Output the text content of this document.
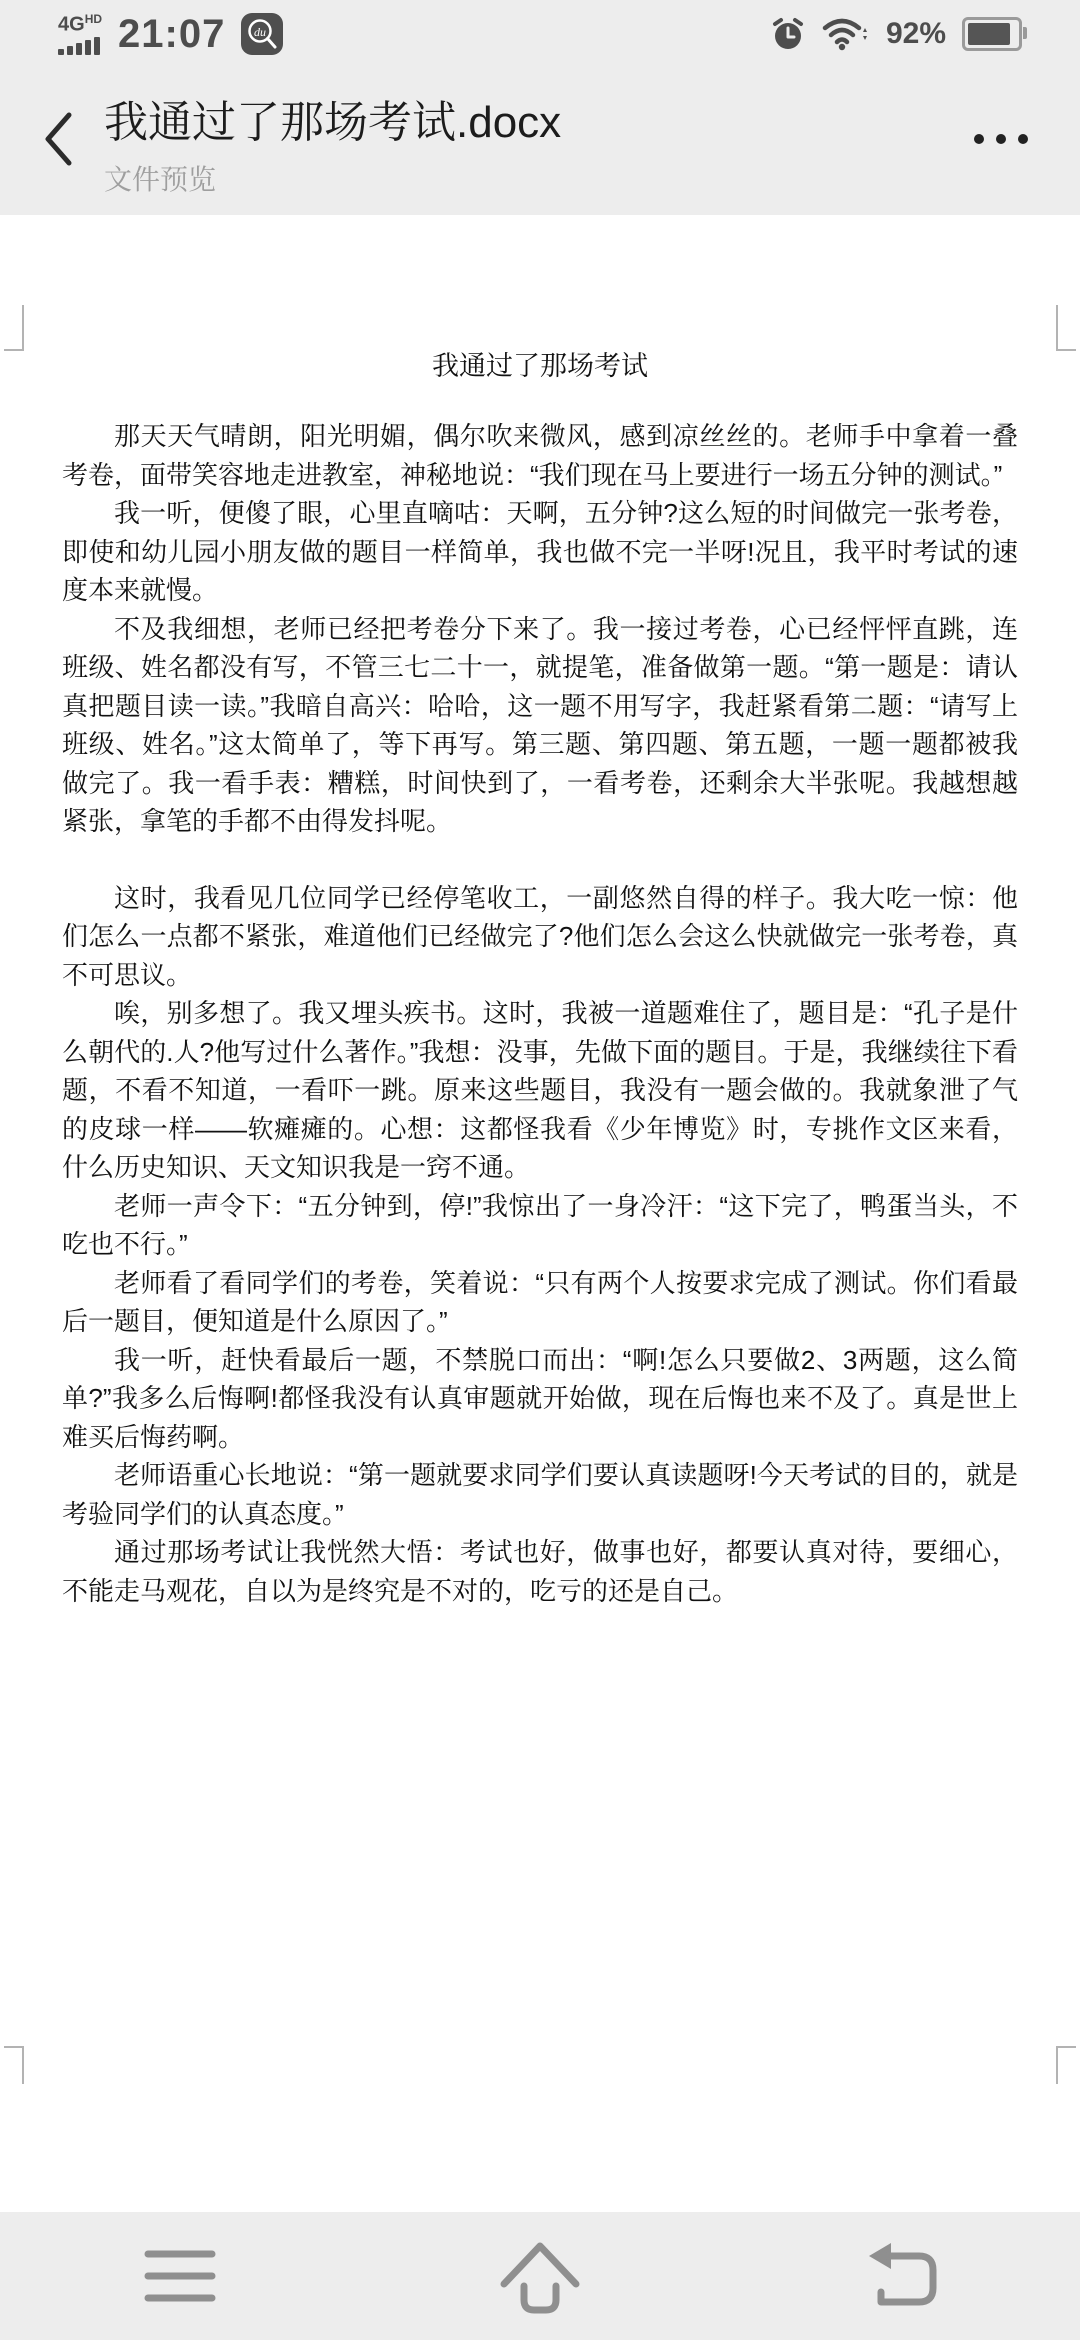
$4G^{HD}$ 21:07 du	92%
我通过了那场考试.docx
文件预览
我通过了那场考试

那天天气晴朗，阳光明媚，偶尔吹来微风，感到凉丝丝的。老师手中拿着一叠考卷，面带笑容地走进教室，神秘地说：“我们现在马上要进行一场五分钟的测试。”

我一听，便傻了眼，心里直嘀咕：天啊，五分钟?这么短的时间做完一张考卷，即使和幼儿园小朋友做的题目一样简单，我也做不完一半呀!况且，我平时考试的速度本来就慢。

不及我细想，老师已经把考卷分下来了。我一接过考卷，心已经怦怦直跳，连班级、姓名都没有写，不管三七二十一，就提笔，准备做第一题。“第一题是：请认真把题目读一读。”我暗自高兴：哈哈，这一题不用写字，我赶紧看第二题：“请写上班级、姓名。”这太简单了，等下再写。第三题、第四题、第五题，一题一题都被我做完了。我一看手表：糟糕，时间快到了，一看考卷，还剩余大半张呢。我越想越紧张，拿笔的手都不由得发抖呢。

这时，我看见几位同学已经停笔收工，一副悠然自得的样子。我大吃一惊：他们怎么一点都不紧张，难道他们已经做完了?他们怎么会这么快就做完一张考卷，真不可思议。

唉，别多想了。我又埋头疾书。这时，我被一道题难住了，题目是：“孔子是什么朝代的.人?他写过什么著作。”我想：没事，先做下面的题目。于是，我继续往下看题，不看不知道，一看吓一跳。原来这些题目，我没有一题会做的。我就象泄了气的皮球一样——软瘫瘫的。心想：这都怪我看《少年博览》时，专挑作文区来看，什么历史知识、天文知识我是一窍不通。

老师一声令下：“五分钟到，停!”我惊出了一身冷汗：“这下完了，鸭蛋当头，不吃也不行。”

老师看了看同学们的考卷，笑着说：“只有两个人按要求完成了测试。你们看最后一题目，便知道是什么原因了。”

我一听，赶快看最后一题，不禁脱口而出：“啊!怎么只要做2、3两题，这么简单?”我多么后悔啊!都怪我没有认真审题就开始做，现在后悔也来不及了。真是世上难买后悔药啊。

老师语重心长地说：“第一题就要求同学们要认真读题呀!今天考试的目的，就是考验同学们的认真态度。”

通过那场考试让我恍然大悟：考试也好，做事也好，都要认真对待，要细心，不能走马观花，自以为是终究是不对的，吃亏的还是自己。
